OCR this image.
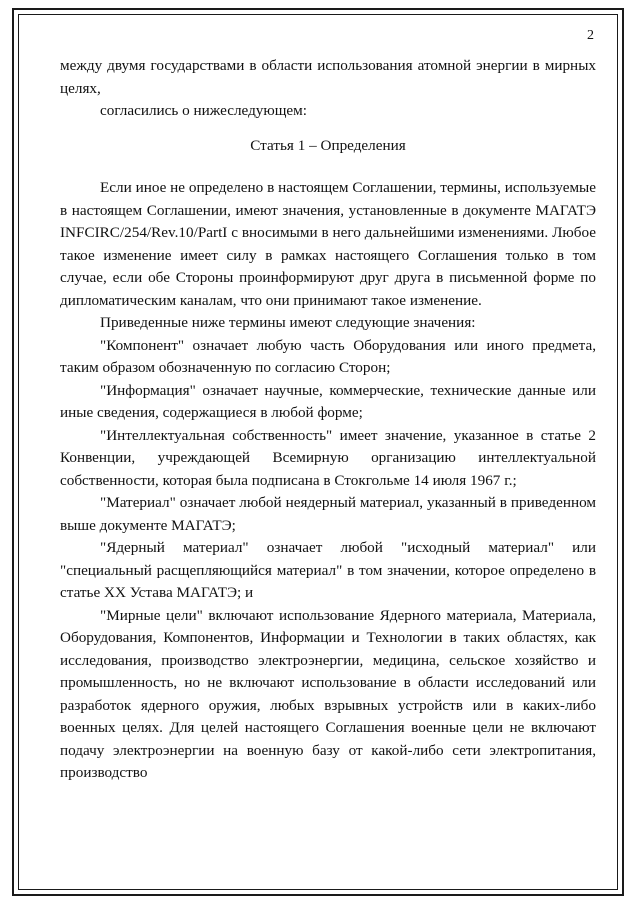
2

между двумя государствами в области использования атомной энергии в мирных целях,

согласились о нижеследующем:

Статья 1 – Определения

Если иное не определено в настоящем Соглашении, термины, используемые в настоящем Соглашении, имеют значения, установленные в документе МАГАТЭ INFCIRC/254/Rev.10/PartI с вносимыми в него дальнейшими изменениями. Любое такое изменение имеет силу в рамках настоящего Соглашения только в том случае, если обе Стороны проинформируют друг друга в письменной форме по дипломатическим каналам, что они принимают такое изменение.

Приведенные ниже термины имеют следующие значения:

"Компонент" означает любую часть Оборудования или иного предмета, таким образом обозначенную по согласию Сторон;

"Информация" означает научные, коммерческие, технические данные или иные сведения, содержащиеся в любой форме;

"Интеллектуальная собственность" имеет значение, указанное в статье 2 Конвенции, учреждающей Всемирную организацию интеллектуальной собственности, которая была подписана в Стокгольме 14 июля 1967 г.;

"Материал" означает любой неядерный материал, указанный в приведенном выше документе МАГАТЭ;

"Ядерный материал" означает любой "исходный материал" или "специальный расщепляющийся материал" в том значении, которое определено в статье XX Устава МАГАТЭ; и

"Мирные цели" включают использование Ядерного материала, Материала, Оборудования, Компонентов, Информации и Технологии в таких областях, как исследования, производство электроэнергии, медицина, сельское хозяйство и промышленность, но не включают использование в области исследований или разработок ядерного оружия, любых взрывных устройств или в каких-либо военных целях. Для целей настоящего Соглашения военные цели не включают подачу электроэнергии на военную базу от какой-либо сети электропитания, производство
